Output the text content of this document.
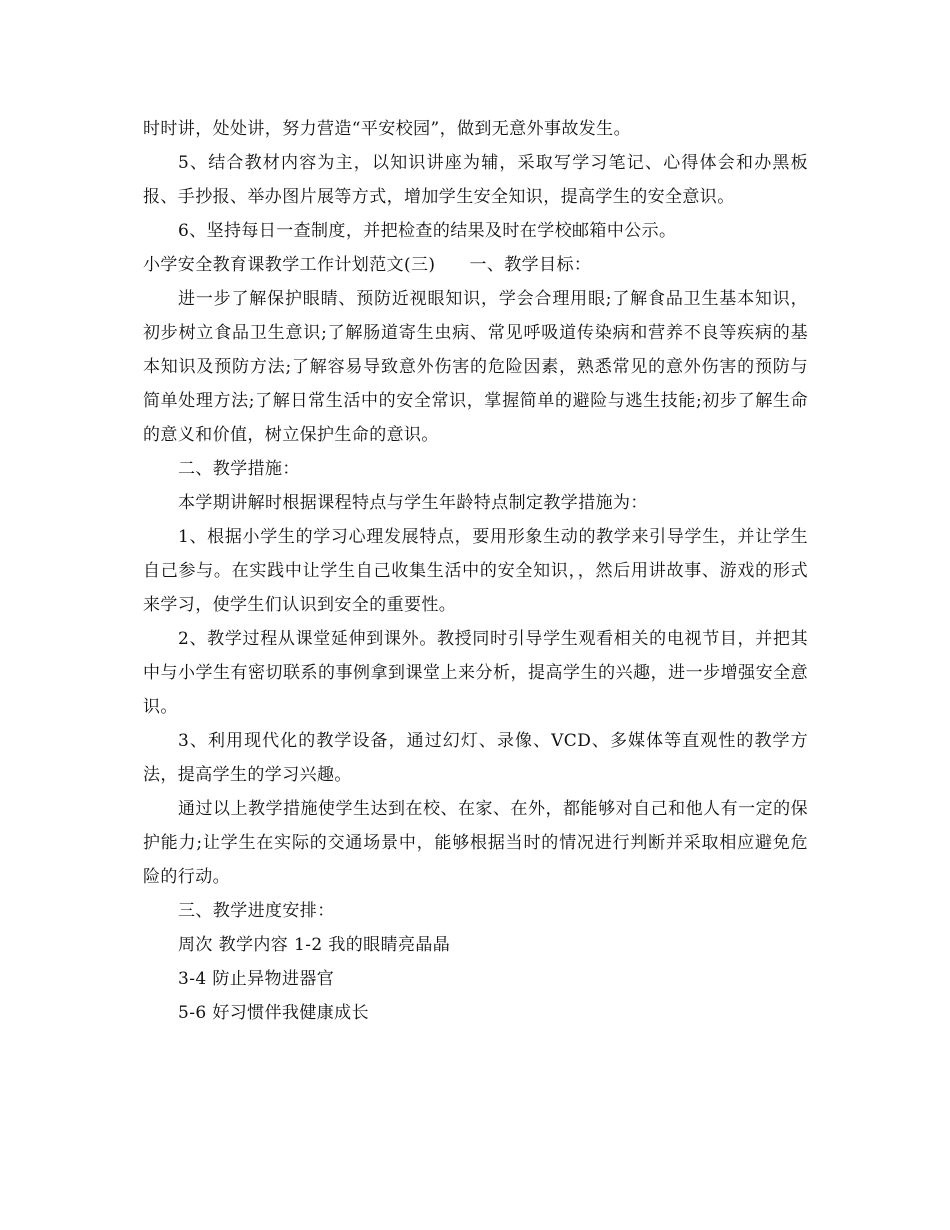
时时讲，处处讲，努力营造“平安校园”，做到无意外事故发生。

5、结合教材内容为主，以知识讲座为辅，采取写学习笔记、心得体会和办黑板报、手抄报、举办图片展等方式，增加学生安全知识，提高学生的安全意识。

6、坚持每日一查制度，并把检查的结果及时在学校邮箱中公示。

小学安全教育课教学工作计划范文(三) 一、教学目标：

进一步了解保护眼睛、预防近视眼知识，学会合理用眼;了解食品卫生基本知识，初步树立食品卫生意识;了解肠道寄生虫病、常见呼吸道传染病和营养不良等疾病的基本知识及预防方法;了解容易导致意外伤害的危险因素，熟悉常见的意外伤害的预防与简单处理方法;了解日常生活中的安全常识，掌握简单的避险与逃生技能;初步了解生命的意义和价值，树立保护生命的意识。

二、教学措施：

本学期讲解时根据课程特点与学生年龄特点制定教学措施为：

1、根据小学生的学习心理发展特点，要用形象生动的教学来引导学生，并让学生自己参与。在实践中让学生自己收集生活中的安全知识，，然后用讲故事、游戏的形式来学习，使学生们认识到安全的重要性。

2、教学过程从课堂延伸到课外。教授同时引导学生观看相关的电视节目，并把其中与小学生有密切联系的事例拿到课堂上来分析，提高学生的兴趣，进一步增强安全意识。

3、利用现代化的教学设备，通过幻灯、录像、VCD、多媒体等直观性的教学方法，提高学生的学习兴趣。

通过以上教学措施使学生达到在校、在家、在外，都能够对自己和他人有一定的保护能力;让学生在实际的交通场景中，能够根据当时的情况进行判断并采取相应避免危险的行动。

三、教学进度安排：

周次 教学内容 1-2 我的眼睛亮晶晶

3-4 防止异物进器官

5-6 好习惯伴我健康成长
